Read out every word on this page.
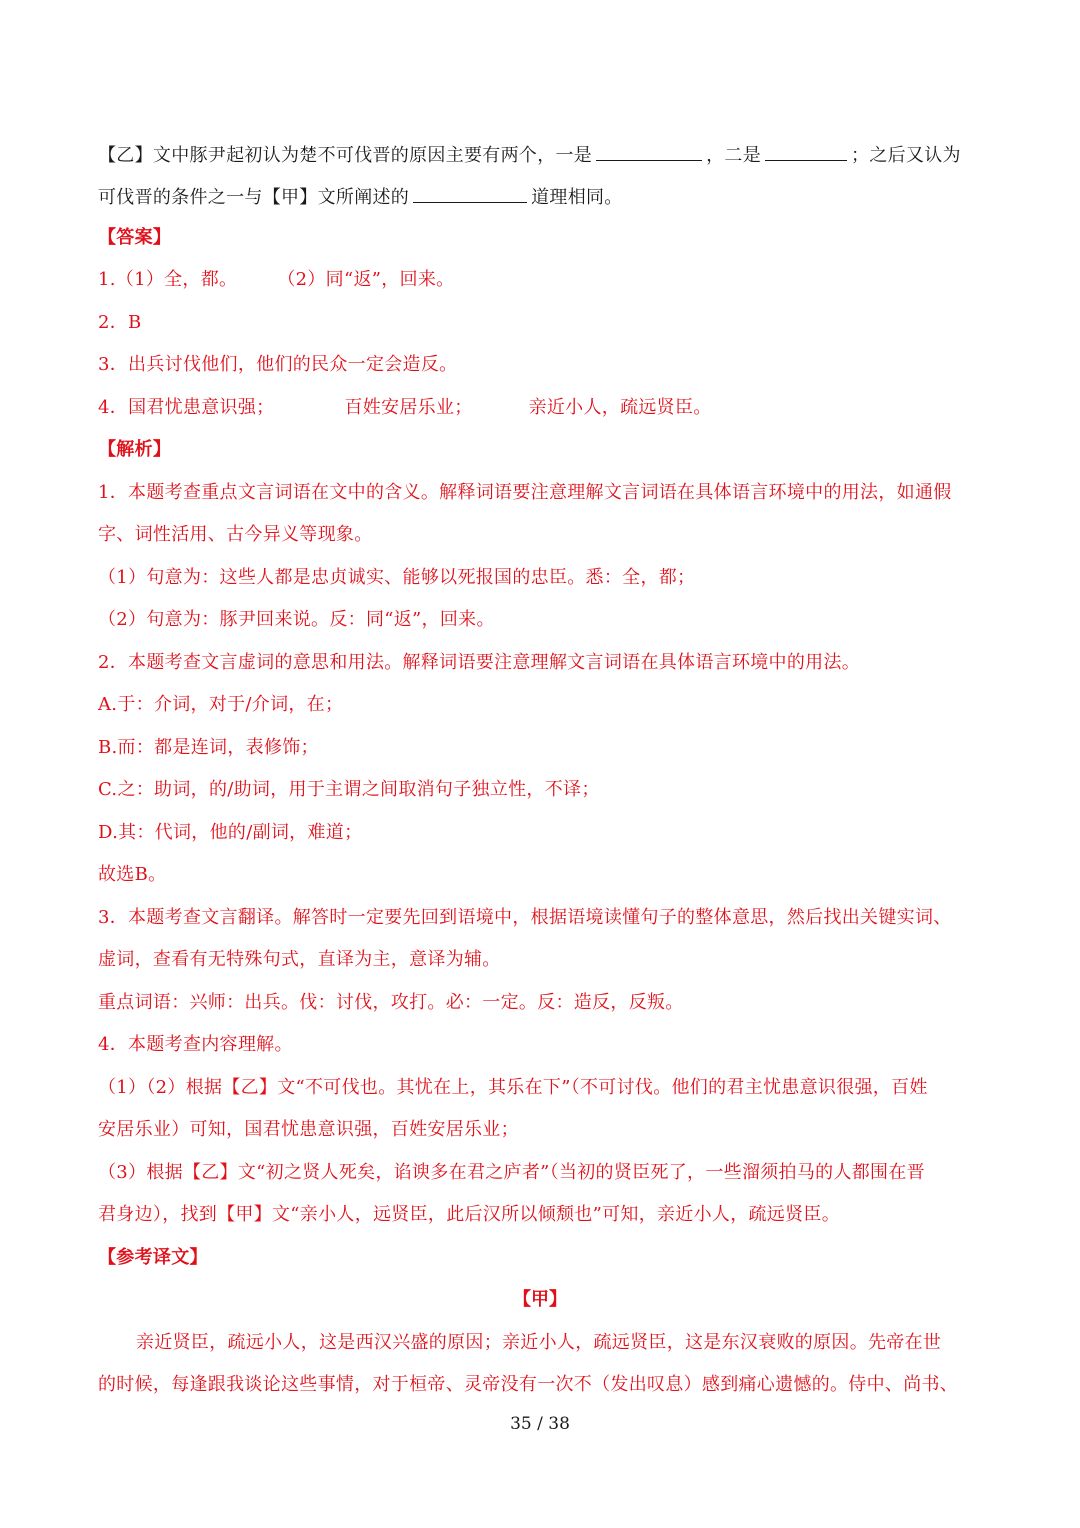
【乙】文中豚尹起初认为楚不可伐晋的原因主要有两个，一是	，二是	；之后又认为
可伐晋的条件之一与【甲】文所阐述的	道理相同。
【答案】
1.（1）全，都。 （2）同“返”，回来。
2．B
3．出兵讨伐他们，他们的民众一定会造反。
4．国君忧患意识强；	百姓安居乐业；	亲近小人，疏远贤臣。
【解析】
1．本题考查重点文言词语在文中的含义。解释词语要注意理解文言词语在具体语言环境中的用法，如通假
字、词性活用、古今异义等现象。
（1）句意为：这些人都是忠贞诚实、能够以死报国的忠臣。悉：全，都；
（2）句意为：豚尹回来说。反：同“返”，回来。
2．本题考查文言虚词的意思和用法。解释词语要注意理解文言词语在具体语言环境中的用法。
A.于：介词，对于/介词，在；
B.而：都是连词，表修饰；
C.之：助词，的/助词，用于主谓之间取消句子独立性，不译；
D.其：代词，他的/副词，难道；
故选B。
3．本题考查文言翻译。解答时一定要先回到语境中，根据语境读懂句子的整体意思，然后找出关键实词、
虚词，查看有无特殊句式，直译为主，意译为辅。
重点词语：兴师：出兵。伐：讨伐，攻打。必：一定。反：造反，反叛。
4．本题考查内容理解。
（1）（2）根据【乙】文“不可伐也。其忧在上，其乐在下”（不可讨伐。他们的君主忧患意识很强，百姓
安居乐业）可知，国君忧患意识强，百姓安居乐业；
（3）根据【乙】文“初之贤人死矣，谄谀多在君之庐者”（当初的贤臣死了，一些溜须拍马的人都围在晋
君身边），找到【甲】文“亲小人，远贤臣，此后汉所以倾颓也”可知，亲近小人，疏远贤臣。
【参考译文】
【甲】
亲近贤臣，疏远小人，这是西汉兴盛的原因；亲近小人，疏远贤臣，这是东汉衰败的原因。先帝在世
的时候，每逢跟我谈论这些事情，对于桓帝、灵帝没有一次不（发出叹息）感到痛心遗憾的。侍中、尚书、
35 / 38
